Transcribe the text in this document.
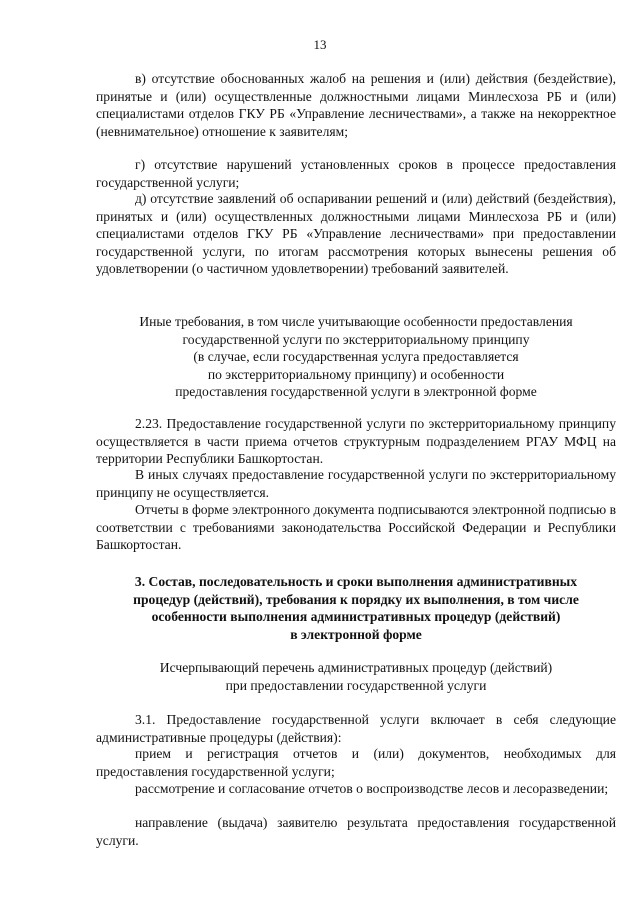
13
в) отсутствие обоснованных жалоб на решения и (или) действия (бездействие), принятые и (или) осуществленные должностными лицами Минлесхоза РБ и (или) специалистами отделов ГКУ РБ «Управление лесничествами», а также на некорректное (невнимательное) отношение к заявителям;
г) отсутствие нарушений установленных сроков в процессе предоставления государственной услуги;
д) отсутствие заявлений об оспаривании решений и (или) действий (бездействия), принятых и (или) осуществленных должностными лицами Минлесхоза РБ и (или) специалистами отделов ГКУ РБ «Управление лесничествами» при предоставлении государственной услуги, по итогам рассмотрения которых вынесены решения об удовлетворении (о частичном удовлетворении) требований заявителей.
Иные требования, в том числе учитывающие особенности предоставления
государственной услуги по экстерриториальному принципу
(в случае, если государственная услуга предоставляется
по экстерриториальному принципу) и особенности
предоставления государственной услуги в электронной форме
2.23. Предоставление государственной услуги по экстерриториальному принципу осуществляется в части приема отчетов структурным подразделением РГАУ МФЦ на территории Республики Башкортостан.
В иных случаях предоставление государственной услуги по экстерриториальному принципу не осуществляется.
Отчеты в форме электронного документа подписываются электронной подписью в соответствии с требованиями законодательства Российской Федерации и Республики Башкортостан.
3. Состав, последовательность и сроки выполнения административных
процедур (действий), требования к порядку их выполнения, в том числе
особенности выполнения административных процедур (действий)
в электронной форме
Исчерпывающий перечень административных процедур (действий)
при предоставлении государственной услуги
3.1. Предоставление государственной услуги включает в себя следующие административные процедуры (действия):
прием и регистрация отчетов и (или) документов, необходимых для предоставления государственной услуги;
рассмотрение и согласование отчетов о воспроизводстве лесов и лесоразведении;
направление (выдача) заявителю результата предоставления государственной услуги.
